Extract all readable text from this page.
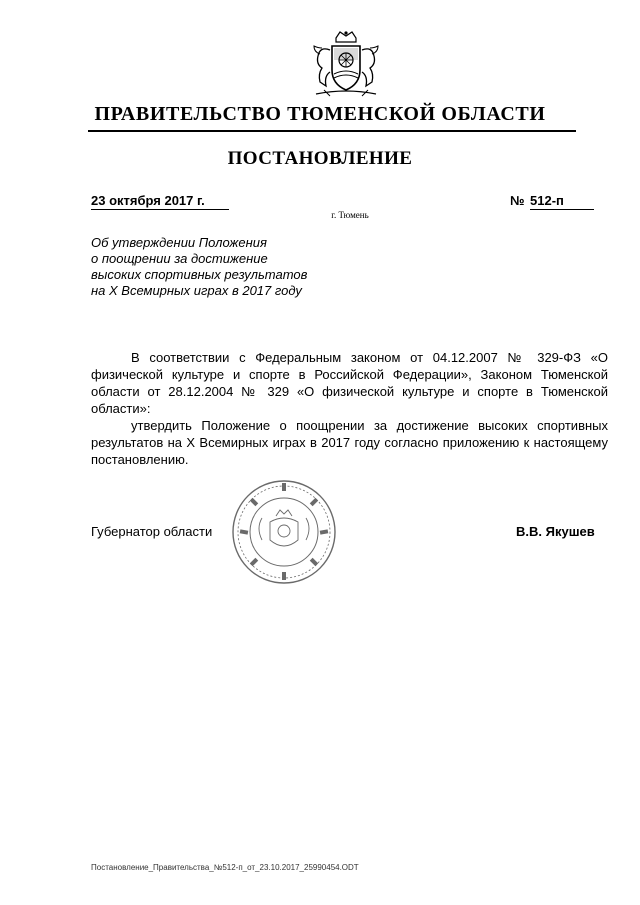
ПРАВИТЕЛЬСТВО ТЮМЕНСКОЙ ОБЛАСТИ
ПОСТАНОВЛЕНИЕ
23 октября 2017 г.	№ 512-п
г. Тюмень
Об утверждении Положения
о поощрении за достижение
высоких спортивных результатов
на X Всемирных играх в 2017 году
В соответствии с Федеральным законом от 04.12.2007 № 329-ФЗ «О физической культуре и спорте в Российской Федерации», Законом Тюменской области от 28.12.2004 № 329 «О физической культуре и спорте в Тюменской области»:
утвердить Положение о поощрении за достижение высоких спортивных результатов на X Всемирных играх в 2017 году согласно приложению к настоящему постановлению.
Губернатор области	В.В. Якушев
Постановление_Правительства_№512-п_от_23.10.2017_25990454.ODT
